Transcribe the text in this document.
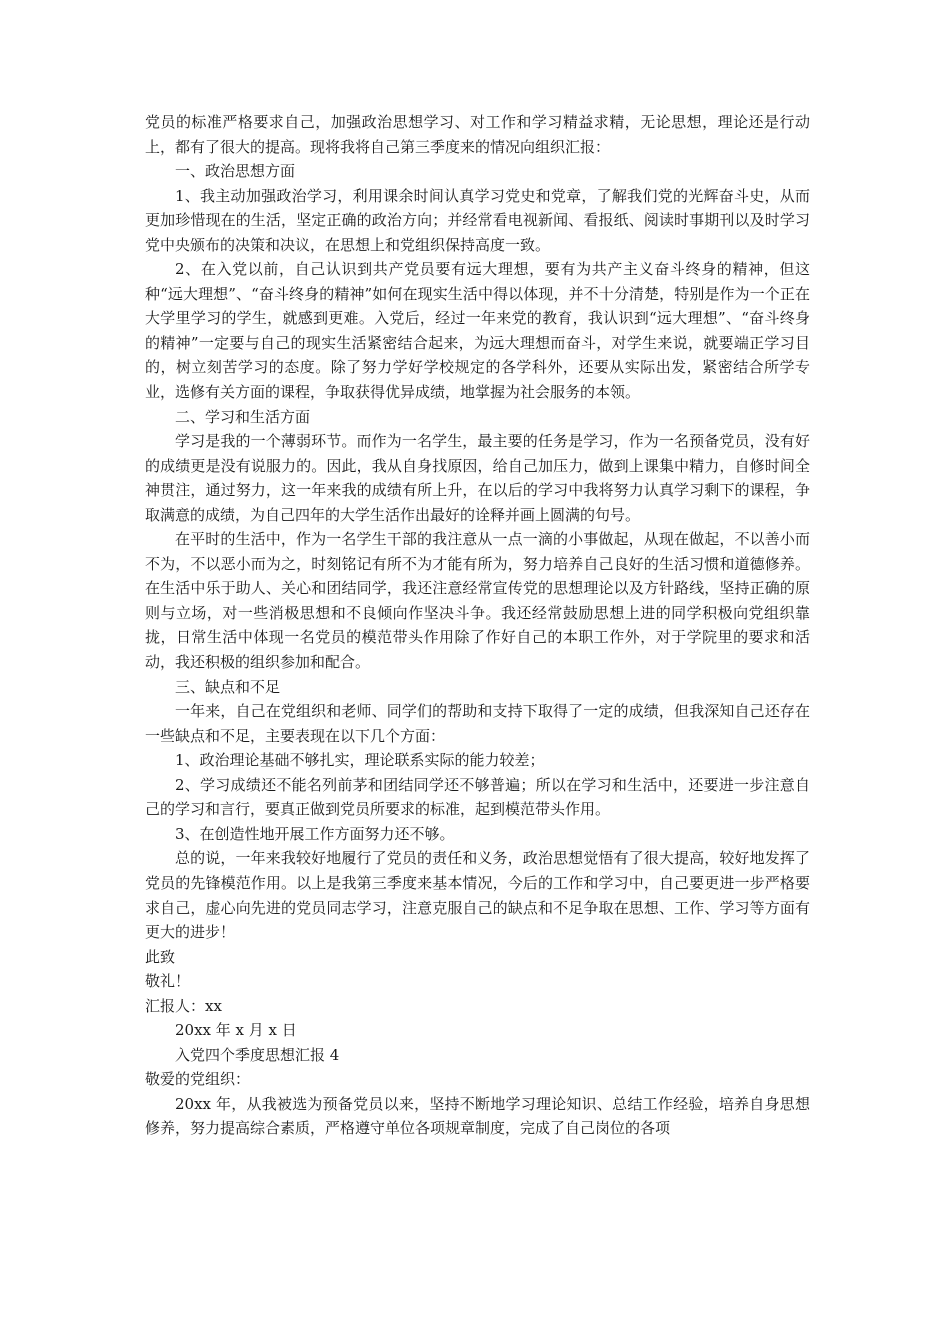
党员的标准严格要求自己，加强政治思想学习、对工作和学习精益求精，无论思想，理论还是行动上，都有了很大的提高。现将我将自己第三季度来的情况向组织汇报：

一、政治思想方面

1、我主动加强政治学习，利用课余时间认真学习党史和党章，了解我们党的光辉奋斗史，从而更加珍惜现在的生活，坚定正确的政治方向；并经常看电视新闻、看报纸、阅读时事期刊以及时学习党中央颁布的决策和决议，在思想上和党组织保持高度一致。

2、在入党以前，自己认识到共产党员要有远大理想，要有为共产主义奋斗终身的精神，但这种“远大理想”、“奋斗终身的精神”如何在现实生活中得以体现，并不十分清楚，特别是作为一个正在大学里学习的学生，就感到更难。入党后，经过一年来党的教育，我认识到“远大理想”、“奋斗终身的精神”一定要与自己的现实生活紧密结合起来，为远大理想而奋斗，对学生来说，就要端正学习目的，树立刻苦学习的态度。除了努力学好学校规定的各学科外，还要从实际出发，紧密结合所学专业，选修有关方面的课程，争取获得优异成绩，地掌握为社会服务的本领。

二、学习和生活方面

学习是我的一个薄弱环节。而作为一名学生，最主要的任务是学习，作为一名预备党员，没有好的成绩更是没有说服力的。因此，我从自身找原因，给自己加压力，做到上课集中精力，自修时间全神贯注，通过努力，这一年来我的成绩有所上升，在以后的学习中我将努力认真学习剩下的课程，争取满意的成绩，为自己四年的大学生活作出最好的诠释并画上圆满的句号。

在平时的生活中，作为一名学生干部的我注意从一点一滴的小事做起，从现在做起，不以善小而不为，不以恶小而为之，时刻铭记有所不为才能有所为，努力培养自己良好的生活习惯和道德修养。在生活中乐于助人、关心和团结同学，我还注意经常宣传党的思想理论以及方针路线，坚持正确的原则与立场，对一些消极思想和不良倾向作坚决斗争。我还经常鼓励思想上进的同学积极向党组织靠拢，日常生活中体现一名党员的模范带头作用除了作好自己的本职工作外，对于学院里的要求和活动，我还积极的组织参加和配合。

三、缺点和不足

一年来，自己在党组织和老师、同学们的帮助和支持下取得了一定的成绩，但我深知自己还存在一些缺点和不足，主要表现在以下几个方面：

1、政治理论基础不够扎实，理论联系实际的能力较差；

2、学习成绩还不能名列前茅和团结同学还不够普遍；所以在学习和生活中，还要进一步注意自己的学习和言行，要真正做到党员所要求的标准，起到模范带头作用。

3、在创造性地开展工作方面努力还不够。

总的说，一年来我较好地履行了党员的责任和义务，政治思想觉悟有了很大提高，较好地发挥了党员的先锋模范作用。以上是我第三季度来基本情况，今后的工作和学习中，自己要更进一步严格要求自己，虚心向先进的党员同志学习，注意克服自己的缺点和不足争取在思想、工作、学习等方面有更大的进步！

此致

敬礼！

汇报人：xx

20xx 年 x 月 x 日

入党四个季度思想汇报 4

敬爱的党组织：

20xx 年，从我被选为预备党员以来，坚持不断地学习理论知识、总结工作经验，培养自身思想修养，努力提高综合素质，严格遵守单位各项规章制度，完成了自己岗位的各项
